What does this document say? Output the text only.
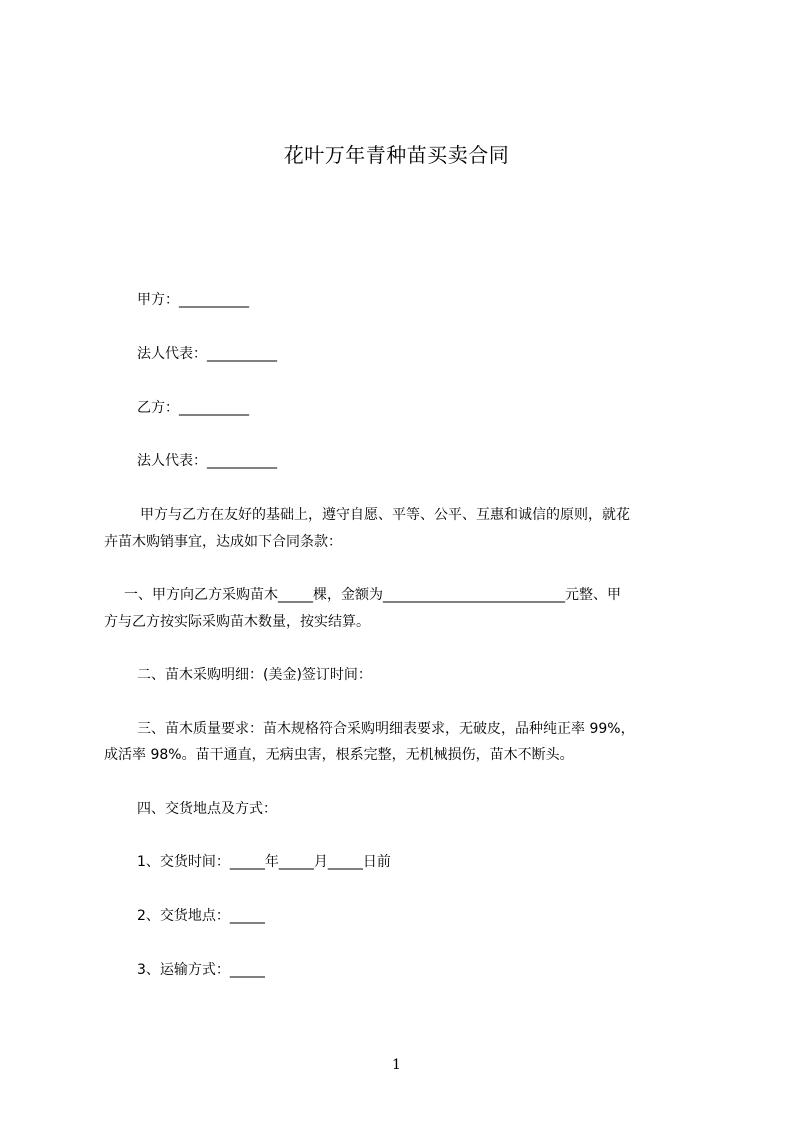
花叶万年青种苗买卖合同
甲方：__________
法人代表：__________
乙方：__________
法人代表：__________
甲方与乙方在友好的基础上，遵守自愿、平等、公平、互惠和诚信的原则，就花
卉苗木购销事宜，达成如下合同条款：
一、甲方向乙方采购苗木_____棵，金额为__________________________元整、甲
方与乙方按实际采购苗木数量，按实结算。
二、苗木采购明细：(美金)签订时间：
三、苗木质量要求：苗木规格符合采购明细表要求，无破皮，品种纯正率 99%，
成活率 98%。苗干通直，无病虫害，根系完整，无机械损伤，苗木不断头。
四、交货地点及方式：
1、交货时间：_____年_____月_____日前
2、交货地点：_____
3、运输方式：_____
1
